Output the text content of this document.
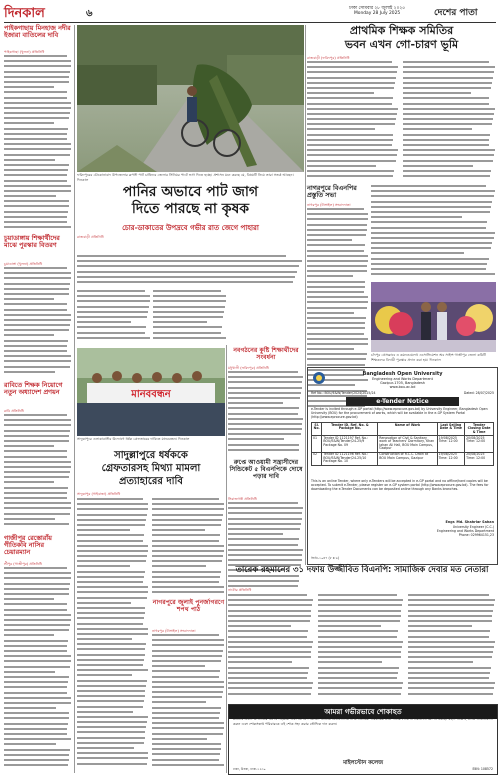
দিনকাল	৬	ঢাকা সোমবার ২৮ জুলাই ২০২৫
Monday 28 July 2025	দেশের পাতা
পাইকগাছায় মিনহাজ নদীর ইজারা বাতিলের দাবি
পাইকগাছা (খুলনা) প্রতিনিধি
চুয়াডাঙ্গায় শিক্ষার্থীদের মাঝে পুরস্কার বিতরণ
চুয়াডাঙ্গা (খুলনা) প্রতিনিধি
রাবিতে শিক্ষক নিয়োগে নতুন অধ্যাদেশ প্রণয়ন
রাবি প্রতিনিধি
গাজীপুর রেস্তোরাঁয় গীতিকবি নাসির চেয়ারম্যান
শ্রীপুর (গাজীপুর) প্রতিনিধি
ফরিদপুরের চৌকোনাবাদ উপজেলার রূপসী পাট চাষিদের জেলার সিনিয়র পাটে ভাগ দিতে হচ্ছে। প্রশাসন মনে করছে যে, বিষয়টি নিয়ে তারা সতর্ক আছেন। দিনকাল
পানির অভাবে পাট জাগ
দিতে পারছে না কৃষক
চোর-ডাকাতের উপদ্রবে গভীর রাত জেগে পাহারা
রাজবাড়ী প্রতিনিধি
নাগরপুরে বিএনপির প্রস্তুতি সভা
নাগরপুর (টাঙ্গাইল) সংবাদদাতা
প্রাথমিক শিক্ষক সমিতির
ভবন এখন গো-চারণ ভূমি
রাজবাড়ী (ফরিদপুর) প্রতিনিধি
চাঁদপুর প্রেসক্লাবে ও কমনওয়েলথ এসোসিয়েশন অব সাইন্স গাজীপুর জেলা কমিটি শিক্ষকদের বিদায়ী পুরস্কার প্রদান করা হয়। দিনকাল
মানববন্ধন
সাদুল্লাপুরে এলাকাবাসীর উদ্যোগে ধর্ষক গ্রেফতারের দাবিতে মানববন্ধন। দিনকাল
নবগঠনের কুষ্টি শিক্ষার্থীদের সংবর্ধনা
মধুখালী (ফরিদপুর) প্রতিনিধি
সাদুল্লাপুরে ধর্ষককে
গ্রেফতারসহ মিথ্যা মামলা
প্রত্যাহারের দাবি
সাদুল্লাপুর (গাইবান্ধা) প্রতিনিধি
রুপ্তে আওয়ামী সন্ত্রাসীদের সিন্ডিকেট ৫ বিএনপিকে দোষে পড়ার দাবি
সিরাজগঞ্জ প্রতিনিধি
নাগরপুরে জুলাই পুনর্জাগরণে শপথ পাঠ
নাগরপুর (টাঙ্গাইল) সংবাদদাতা
Bangladesh Open University
Engineering and Works Department
Gazipur-1705, Bangladesh
www.bou.ac.bd
Ref No.: BOU/E&W/Tender/2024/2025/24	Dated: 28/07/2025
e-Tender Notice
e-Tender is invited through e-GP portal (http://www.eprocure.gov.bd) by University Engineer, Bangladesh Open University (BOU) for the procurement of works, which will be available in the e-GP System Portal (http://www.eprocure.gov.bd)
Sl. No.	Tender ID, Ref. No. & Package No.	Name of Work	Last Selling Date & Time	Tender Closing Date & Time
01	Tender ID 1121197 Ref. No.: BOU/E&W/Tender/24-25/9 Package No. 09	Renovation of Civil & Sanitary work of Teachers' Dormitory, Khan Jahan Ali Hall, BOU Main Campus, Gazipur	19/08/2025 Time: 12:00	20/08/2025 Time: 12:00
02	Tender ID 1121196 Ref. No.: BOU/E&W/Tender/24-25/10 Package No. 10	Construction of R.C.C. Drain at BOU Main Campus, Gazipur	19/08/2025 Time: 12:00	20/08/2025 Time: 12:00
This is an online Tender, where only e-Tenders will be accepted in e-GP portal and no offline/hard copies will be accepted. To submit e-Tender, please register on e-GP system portal (http://www.eprocure.gov.bd). The fees for downloading the e-Tender Documents can be deposited online through any Banks branches.
Engr. Md. Shahriar Sahan
University Engineer (C.C.)
Engineering and Works Department
Phone: 029964151,23
জিডি-১০৪৭ (৮ x ৬)
তারেক রহমানের ৩১ দফায় উজ্জীবিত বিএনপি: সামাজিক দেবার মত নেতারা
নাটোর প্রতিনিধি
আমরা গভীরভাবে শোকাহত
মাননীয় প্রধান উপদেষ্টার বিশেষ সহকারী এবং বিশিষ্ট শিক্ষাবিদ জাতীয় বিশ্ববিদ্যালয় ও উপাচার্যের পরিবারের প্রতি গভীর শোক ও সমবেদনা জ্ঞাপন করছি। মহান আল্লাহ তাঁকে জান্নাতবাসী করুন এবং শোকসন্তপ্ত পরিবারকে এই শোক সহ্য করার তৌফিক দান করুন।
মাইলস্টোন কলেজ
ঢাকা, উত্তরা, ঢাকা-১২৩০	EIIN: 108572
